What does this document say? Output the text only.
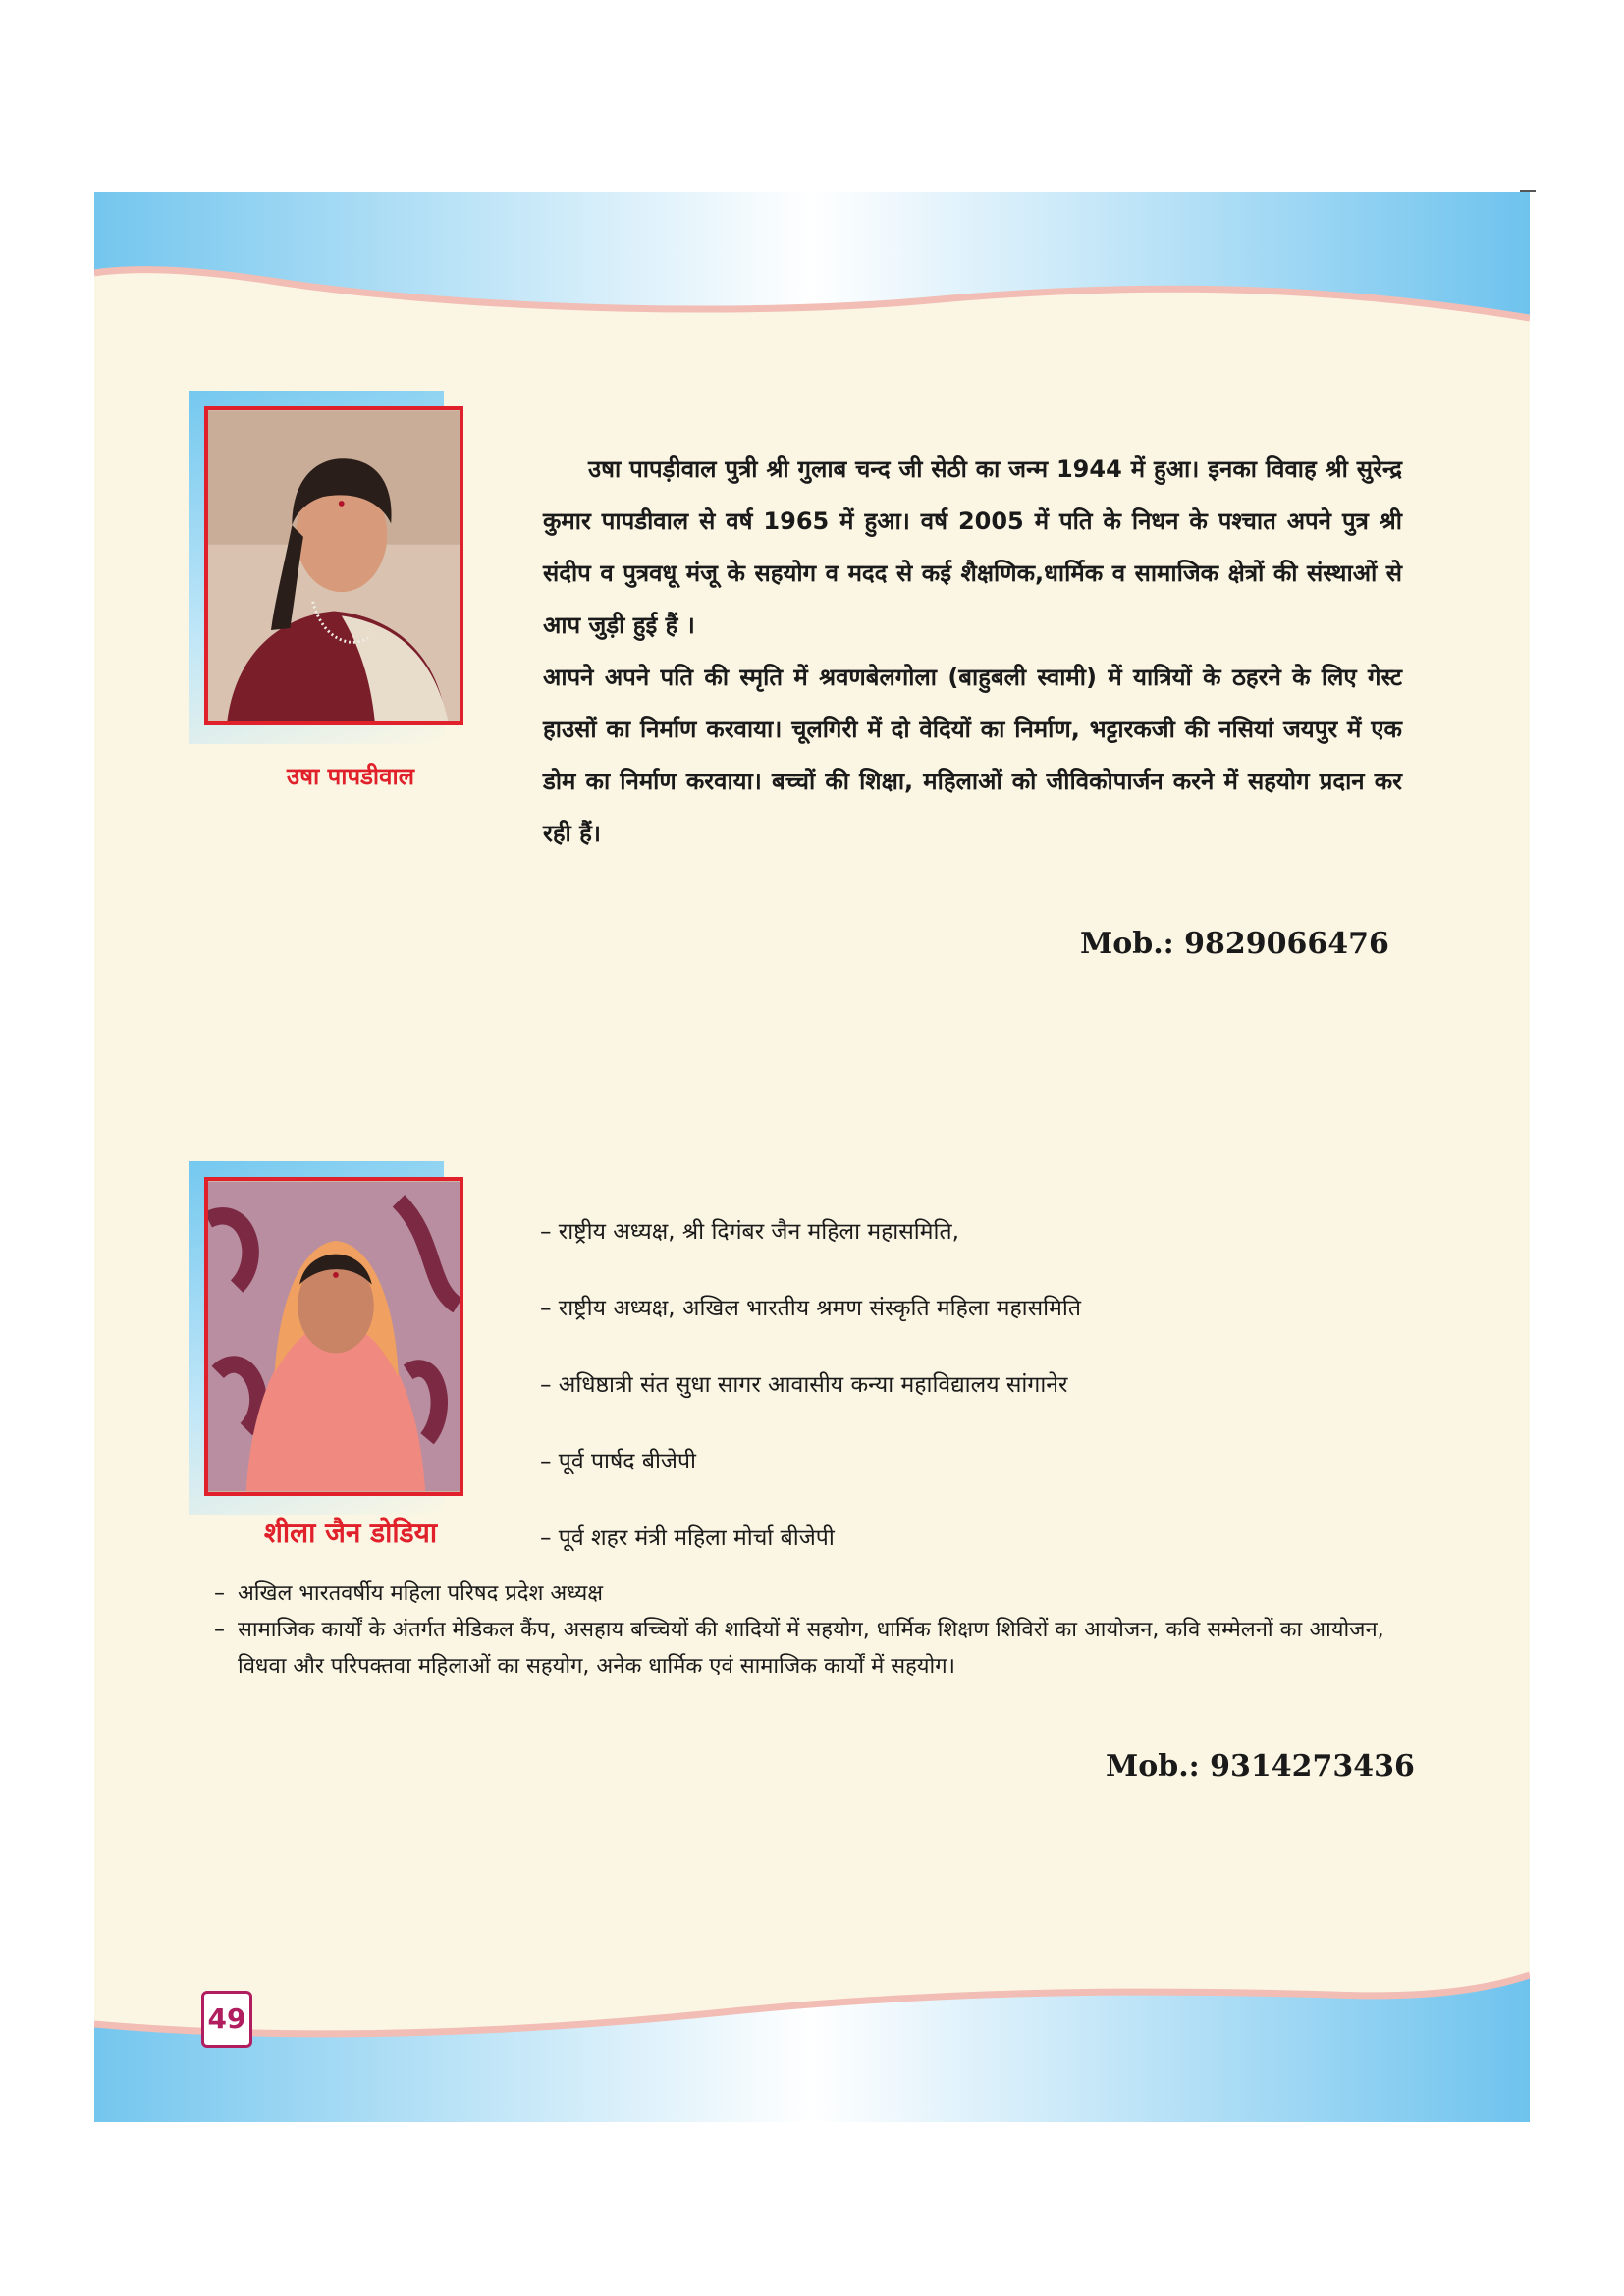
उषा पापडीवाल

उषा पापड़ीवाल पुत्री श्री गुलाब चन्द जी सेठी का जन्म 1944 में हुआ। इनका विवाह श्री सुरेन्द्र कुमार पापडीवाल से वर्ष 1965 में हुआ। वर्ष 2005 में पति के निधन के पश्चात अपने पुत्र श्री संदीप व पुत्रवधू मंजू के सहयोग व मदद से कई शैक्षणिक,धार्मिक व सामाजिक क्षेत्रों की संस्थाओं से आप जुड़ी हुई हैं ।

आपने अपने पति की स्मृति में श्रवणबेलगोला (बाहुबली स्वामी) में यात्रियों के ठहरने के लिए गेस्ट हाउसों का निर्माण करवाया। चूलगिरी में दो वेदियों का निर्माण, भट्टारकजी की नसियां जयपुर में एक डोम का निर्माण करवाया। बच्चों की शिक्षा, महिलाओं को जीविकोपार्जन करने में सहयोग प्रदान कर रही हैं।

Mob.: 9829066476
शीला जैन डोडिया
– राष्ट्रीय अध्यक्ष, श्री दिगंबर जैन महिला महासमिति,
– राष्ट्रीय अध्यक्ष, अखिल भारतीय श्रमण संस्कृति महिला महासमिति
– अधिष्ठात्री संत सुधा सागर आवासीय कन्या महाविद्यालय सांगानेर
– पूर्व पार्षद बीजेपी
– पूर्व शहर मंत्री महिला मोर्चा बीजेपी
– अखिल भारतवर्षीय महिला परिषद प्रदेश अध्यक्ष
– सामाजिक कार्यों के अंतर्गत मेडिकल कैंप, असहाय बच्चियों की शादियों में सहयोग, धार्मिक शिक्षण शिविरों का आयोजन, कवि सम्मेलनों का आयोजन, विधवा और परिपक्तवा महिलाओं का सहयोग, अनेक धार्मिक एवं सामाजिक कार्यों में सहयोग।
Mob.: 9314273436
49
